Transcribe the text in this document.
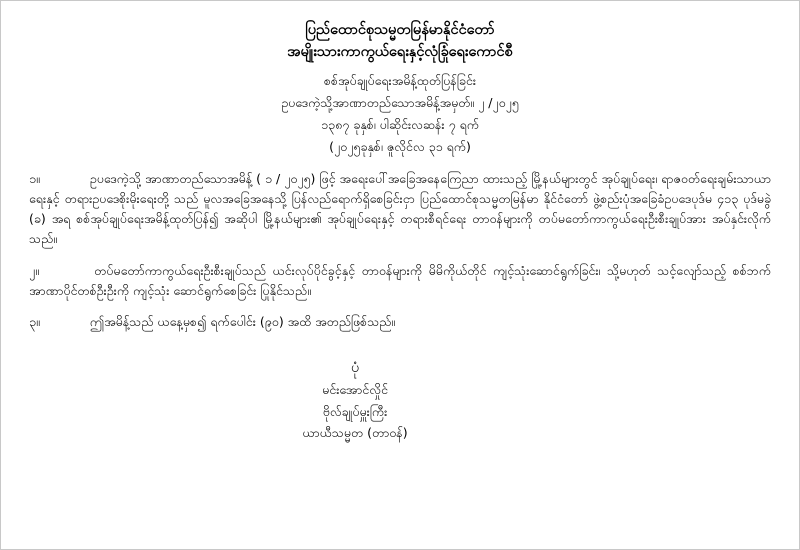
ပြည်ထောင်စုသမ္မတမြန်မာနိုင်ငံတော်
အမျိုးသားကာကွယ်ရေးနှင့်လုံခြုံရေးကောင်စီ
စစ်အုပ်ချုပ်ရေးအမိန့်ထုတ်ပြန်ခြင်း
ဥပဒေကဲ့သို့အာဏာတည်သောအမိန့်အမှတ်။ ၂ /၂၀၂၅
၁၃၈၇ ခုနှစ်၊ ပါဆိုင်းလဆန်း ၇ ရက်
(၂၀၂၅ခုနှစ်၊ ဇူလိုင်လ ၃၁ ရက်)
၁။	ဥပဒေကဲ့သို့ အာဏာတည်သောအမိန့် ( ၁ / ၂၀၂၅) ဖြင့် အရေးပေါ်အခြေအနေကြေညာ ထားသည့် မြို့နယ်များတွင် အုပ်ချုပ်ရေး၊ ရာဇဝတ်ရေးချမ်းသာယာရေးနှင့် တရားဥပဒေစိုးမိုးရေးတို့ သည် မူလအခြေအနေသို့ ပြန်လည်ရောက်ရှိစေခြင်းငှာ ပြည်ထောင်စုသမ္မတမြန်မာ နိုင်ငံတော် ဖွဲ့စည်းပုံအခြေခံဥပဒေပုဒ်မ ၄၁၃ ပုဒ်မခွဲ (ခ) အရ စစ်အုပ်ချုပ်ရေးအမိန့်ထုတ်ပြန်၍ အဆိုပါ မြို့နယ်များ၏ အုပ်ချုပ်ရေးနှင့် တရားစီရင်ရေး တာဝန်များကို တပ်မတော်ကာကွယ်ရေးဦးစီးချုပ်အား အပ်နှင်းလိုက်သည်။
၂။	တပ်မတော်ကာကွယ်ရေးဦးစီးချုပ်သည် ယင်းလုပ်ပိုင်ခွင့်နှင့် တာဝန်များကို မိမိကိုယ်တိုင် ကျင့်သုံးဆောင်ရွက်ခြင်း၊ သို့မဟုတ် သင့်လျော်သည့် စစ်ဘက်အာဏာပိုင်တစ်ဦးဦးကို ကျင့်သုံး ဆောင်ရွက်စေခြင်း ပြုနိုင်သည်။
၃။	ဤအမိန့်သည် ယနေ့မှစ၍ ရက်ပေါင်း (၉၀) အထိ အတည်ဖြစ်သည်။
ပုံ
မင်းအောင်လှိုင်
ဗိုလ်ချုပ်မှူးကြီး
ယာယီသမ္မတ (တာဝန်)
